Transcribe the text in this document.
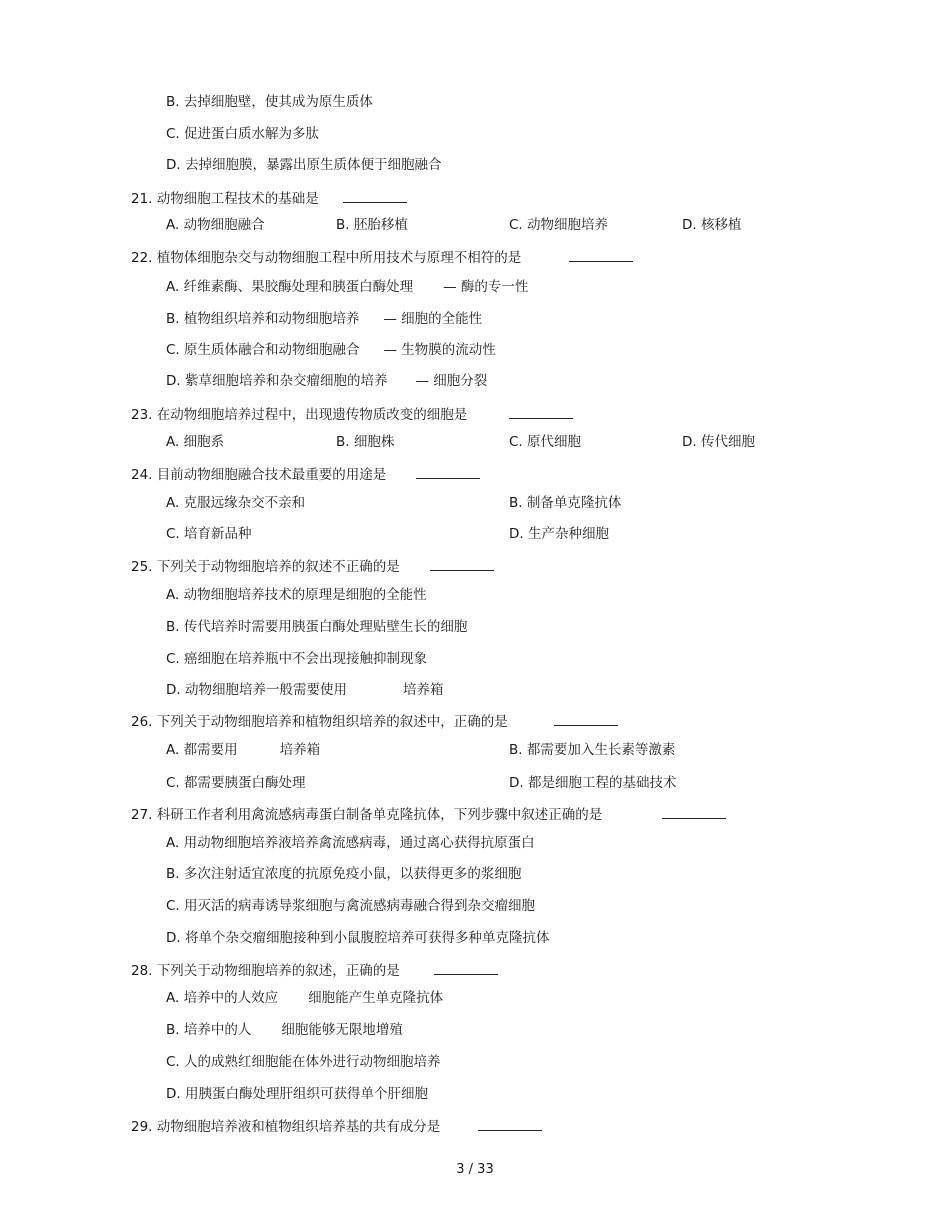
B. 去掉细胞壁，使其成为原生质体
C. 促进蛋白质水解为多肽
D. 去掉细胞膜，暴露出原生质体便于细胞融合
21. 动物细胞工程技术的基础是
A. 动物细胞融合	B. 胚胎移植	C. 动物细胞培养	D. 核移植
22. 植物体细胞杂交与动物细胞工程中所用技术与原理不相符的是
A. 纤维素酶、果胶酶处理和胰蛋白酶处理 — 酶的专一性
B. 植物组织培养和动物细胞培养 — 细胞的全能性
C. 原生质体融合和动物细胞融合 — 生物膜的流动性
D. 紫草细胞培养和杂交瘤细胞的培养 — 细胞分裂
23. 在动物细胞培养过程中，出现遗传物质改变的细胞是
A. 细胞系	B. 细胞株	C. 原代细胞	D. 传代细胞
24. 目前动物细胞融合技术最重要的用途是
A. 克服远缘杂交不亲和	B. 制备单克隆抗体
C. 培育新品种	D. 生产杂种细胞
25. 下列关于动物细胞培养的叙述不正确的是
A. 动物细胞培养技术的原理是细胞的全能性
B. 传代培养时需要用胰蛋白酶处理贴壁生长的细胞
C. 癌细胞在培养瓶中不会出现接触抑制现象
D. 动物细胞培养一般需要使用	培养箱
26. 下列关于动物细胞培养和植物组织培养的叙述中，正确的是
A. 都需要用	培养箱	B. 都需要加入生长素等激素
C. 都需要胰蛋白酶处理	D. 都是细胞工程的基础技术
27. 科研工作者利用禽流感病毒蛋白制备单克隆抗体，下列步骤中叙述正确的是
A. 用动物细胞培养液培养禽流感病毒，通过离心获得抗原蛋白
B. 多次注射适宜浓度的抗原免疫小鼠，以获得更多的浆细胞
C. 用灭活的病毒诱导浆细胞与禽流感病毒融合得到杂交瘤细胞
D. 将单个杂交瘤细胞接种到小鼠腹腔培养可获得多种单克隆抗体
28. 下列关于动物细胞培养的叙述，正确的是
A. 培养中的人效应 细胞能产生单克隆抗体
B. 培养中的人 细胞能够无限地增殖
C. 人的成熟红细胞能在体外进行动物细胞培养
D. 用胰蛋白酶处理肝组织可获得单个肝细胞
29. 动物细胞培养液和植物组织培养基的共有成分是
3 / 33
